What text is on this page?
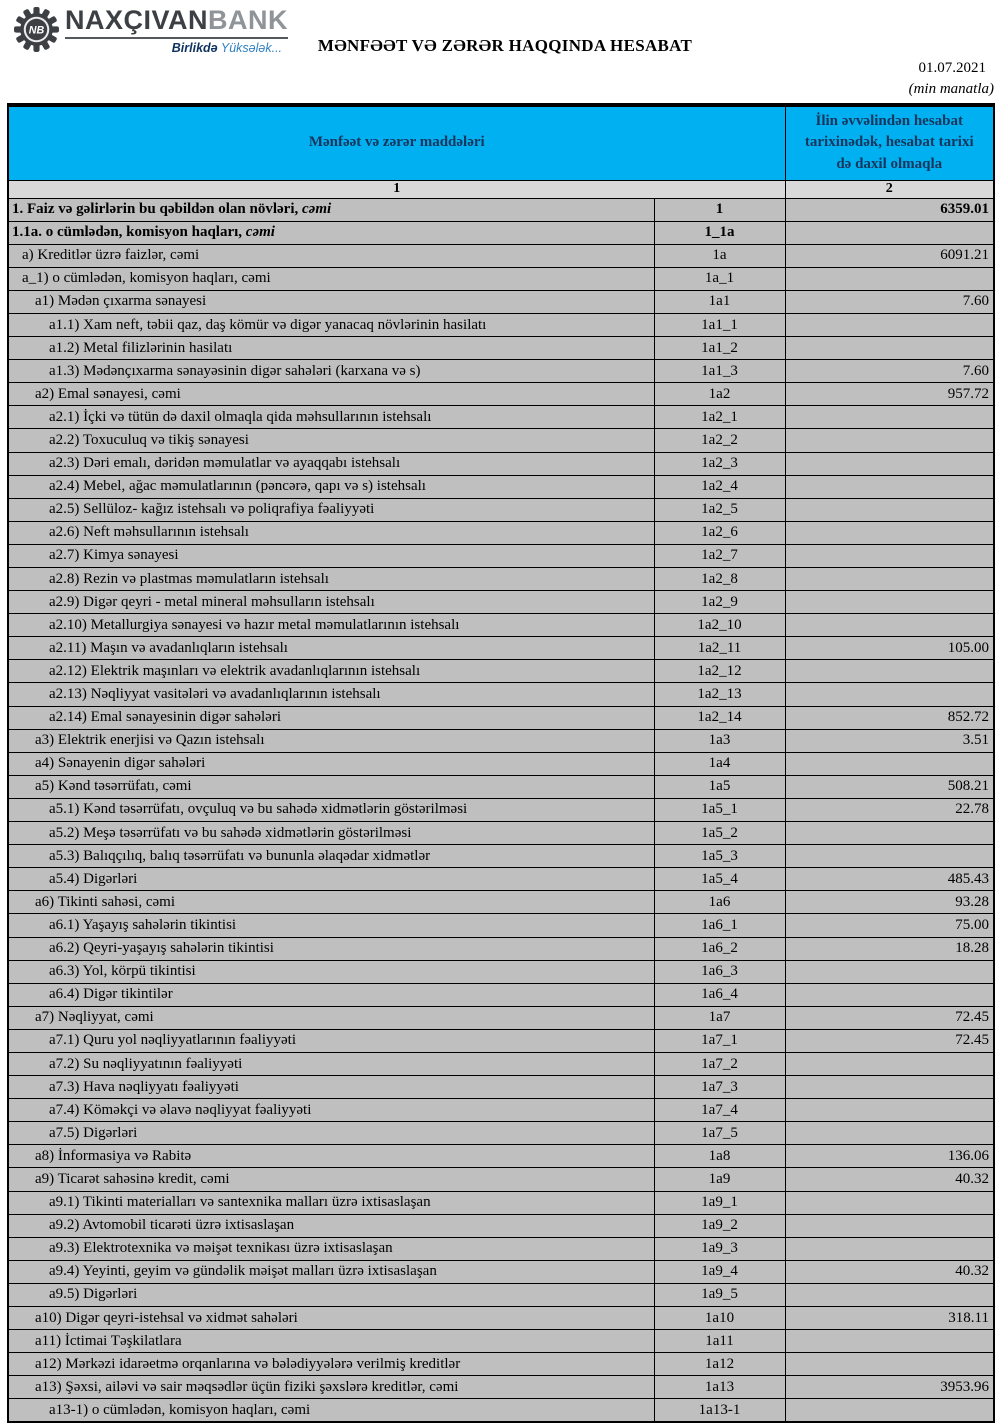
NB NAXÇIVANBANK
Birlikdə Yüksələk...	MƏNFƏƏT VƏ ZƏRƏR HAQQINDA HESABAT
01.07.2021
(min manatla)
Mənfəət və zərər maddələri		İlin əvvəlindən hesabat tarixinədək, hesabat tarixi də daxil olmaqla
1		2
1. Faiz və gəlirlərin bu qəbildən olan növləri, cəmi	1	6359.01
1.1a. o cümlədən, komisyon haqları, cəmi	1_1a	
a) Kreditlər üzrə faizlər, cəmi	1a	6091.21
a_1) o cümlədən, komisyon haqları, cəmi	1a_1	
a1) Mədən çıxarma sənayesi	1a1	7.60
a1.1) Xam neft, təbii qaz, daş kömür və digər yanacaq növlərinin hasilatı	1a1_1	
a1.2) Metal filizlərinin hasilatı	1a1_2	
a1.3) Mədənçıxarma sənayəsinin digər sahələri (karxana və s)	1a1_3	7.60
a2) Emal sənayesi, cəmi	1a2	957.72
a2.1) İçki və tütün də daxil olmaqla qida məhsullarının istehsalı	1a2_1	
a2.2) Toxuculuq və tikiş sənayesi	1a2_2	
a2.3) Dəri emalı, dəridən məmulatlar və ayaqqabı istehsalı	1a2_3	
a2.4) Mebel, ağac məmulatlarının (pəncərə, qapı və s) istehsalı	1a2_4	
a2.5) Sellüloz- kağız istehsalı və poliqrafiya fəaliyyəti	1a2_5	
a2.6) Neft məhsullarının istehsalı	1a2_6	
a2.7) Kimya sənayesi	1a2_7	
a2.8) Rezin və plastmas məmulatların istehsalı	1a2_8	
a2.9) Digər qeyri - metal mineral məhsulların istehsalı	1a2_9	
a2.10) Metallurgiya sənayesi və hazır metal məmulatlarının istehsalı	1a2_10	
a2.11) Maşın və avadanlıqların istehsalı	1a2_11	105.00
a2.12) Elektrik maşınları və elektrik avadanlıqlarının istehsalı	1a2_12	
a2.13) Nəqliyyat vasitələri və avadanlıqlarının istehsalı	1a2_13	
a2.14) Emal sənayesinin digər sahələri	1a2_14	852.72
a3) Elektrik enerjisi və Qazın istehsalı	1a3	3.51
a4) Sənayenin digər sahələri	1a4	
a5) Kənd təsərrüfatı, cəmi	1a5	508.21
a5.1) Kənd təsərrüfatı, ovçuluq və bu sahədə xidmətlərin göstərilməsi	1a5_1	22.78
a5.2) Meşə təsərrüfatı və bu sahədə xidmətlərin göstərilməsi	1a5_2	
a5.3) Balıqçılıq, balıq təsərrüfatı və bununla əlaqədar xidmətlər	1a5_3	
a5.4) Digərləri	1a5_4	485.43
a6) Tikinti sahəsi, cəmi	1a6	93.28
a6.1) Yaşayış sahələrin tikintisi	1a6_1	75.00
a6.2) Qeyri-yaşayış sahələrin tikintisi	1a6_2	18.28
a6.3) Yol, körpü tikintisi	1a6_3	
a6.4) Digər tikintilər	1a6_4	
a7) Nəqliyyat, cəmi	1a7	72.45
a7.1) Quru yol nəqliyyatlarının fəaliyyəti	1a7_1	72.45
a7.2) Su nəqliyyatının fəaliyyəti	1a7_2	
a7.3) Hava nəqliyyatı fəaliyyəti	1a7_3	
a7.4) Köməkçi və əlavə nəqliyyat fəaliyyəti	1a7_4	
a7.5) Digərləri	1a7_5	
a8) İnformasiya və Rabitə	1a8	136.06
a9) Ticarət sahəsinə kredit, cəmi	1a9	40.32
a9.1) Tikinti materialları və santexnika malları üzrə ixtisaslaşan	1a9_1	
a9.2) Avtomobil ticarəti üzrə ixtisaslaşan	1a9_2	
a9.3) Elektrotexnika və məişət texnikası üzrə ixtisaslaşan	1a9_3	
a9.4) Yeyinti, geyim və gündəlik məişət malları üzrə ixtisaslaşan	1a9_4	40.32
a9.5) Digərləri	1a9_5	
a10) Digər qeyri-istehsal və xidmət sahələri	1a10	318.11
a11) İctimai Təşkilatlara	1a11	
a12) Mərkəzi idarəetmə orqanlarına və bələdiyyələrə verilmiş kreditlər	1a12	
a13) Şəxsi, ailəvi və sair məqsədlər üçün fiziki şəxslərə kreditlər, cəmi	1a13	3953.96
a13-1) o cümlədən, komisyon haqları, cəmi	1a13-1	
